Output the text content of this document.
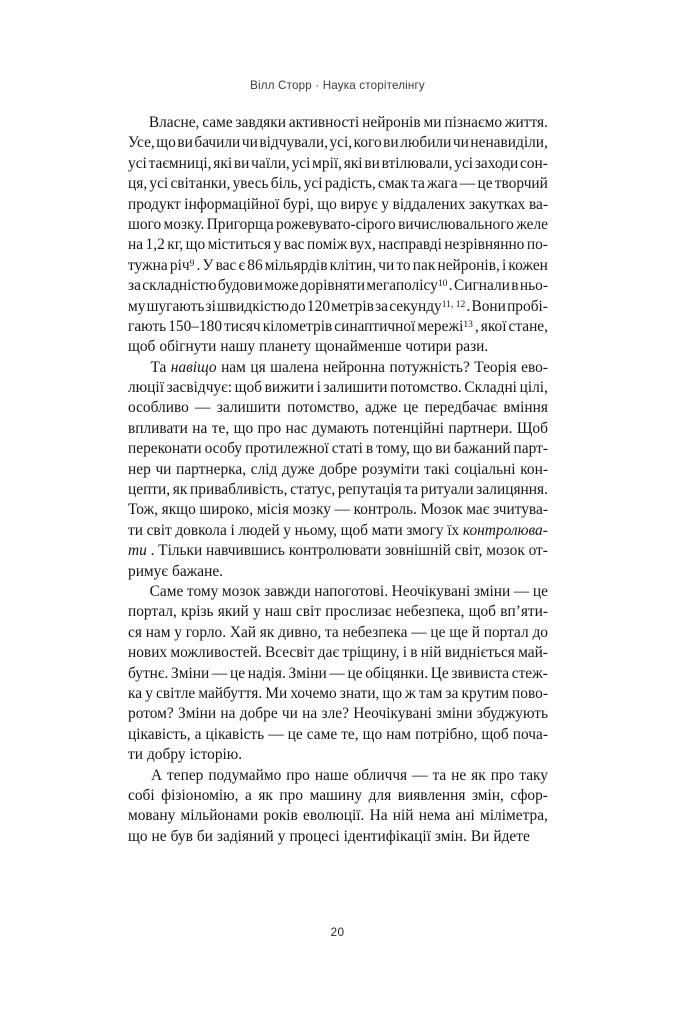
Вілл Сторр · Наука сторітелінгу

Власне, саме завдяки активності нейронів ми пізнаємо життя.
Усе, що ви бачили чи відчували, усі, кого ви любили чи ненавиділи,
усі таємниці, які ви чаїли, усі мрії, які ви втілювали, усі заходи сон-
ця, усі світанки, увесь біль, усі радість, смак та жага — це творчий
продукт інформаційної бурі, що вирує у віддалених закутках ва-
шого мозку. Пригорща рожевувато-сірого вичислювального желе
на 1,2 кг, що міститься у вас поміж вух, насправді незрівнянно по-
тужна річ$^9$ . У вас є 86 мільярдів клітин, чи то пак нейронів, і кожен
за складністю будови може дорівняти мегаполісу$^{10}$ . Сигнали в ньо-
му шугають зі швидкістю до 120 метрів за секунду$^{11, 12}$ . Вони пробі-
гають 150–180 тисяч кілометрів синаптичної мережі$^{13}$ , якої стане,
щоб обігнути нашу планету щонайменше чотири рази.

Та навіщо нам ця шалена нейронна потужність? Теорія ево-
люції засвідчує: щоб вижити і залишити потомство. Складні цілі,
особливо — залишити потомство, адже це передбачає вміння
впливати на те, що про нас думають потенційні партнери. Щоб
переконати особу протилежної статі в тому, що ви бажаний парт-
нер чи партнерка, слід дуже добре розуміти такі соціальні кон-
цепти, як привабливість, статус, репутація та ритуали залицяння.
Тож, якщо широко, місія мозку — контроль. Мозок має зчитува-
ти світ довкола і людей у ньому, щоб мати змогу їх контролюва-
ти . Тільки навчившись контролювати зовнішній світ, мозок от-
римує бажане.

Саме тому мозок завжди напоготові. Неочікувані зміни — це
портал, крізь який у наш світ прослизає небезпека, щоб вп’яти-
ся нам у горло. Хай як дивно, та небезпека — це ще й портал до
нових можливостей. Всесвіт дає тріщину, і в ній видніється май-
бутнє. Зміни — це надія. Зміни — це обіцянки. Це звивиста стеж-
ка у світле майбуття. Ми хочемо знати, що ж там за крутим пово-
ротом? Зміни на добре чи на зле? Неочікувані зміни збуджують
цікавість, а цікавість — це саме те, що нам потрібно, щоб поча-
ти добру історію.

А тепер подумаймо про наше обличчя — та не як про таку
собі фізіономію, а як про машину для виявлення змін, сфор-
мовану мільйонами років еволюції. На ній нема ані міліметра,
що не був би задіяний у процесі ідентифікації змін. Ви йдете

20
